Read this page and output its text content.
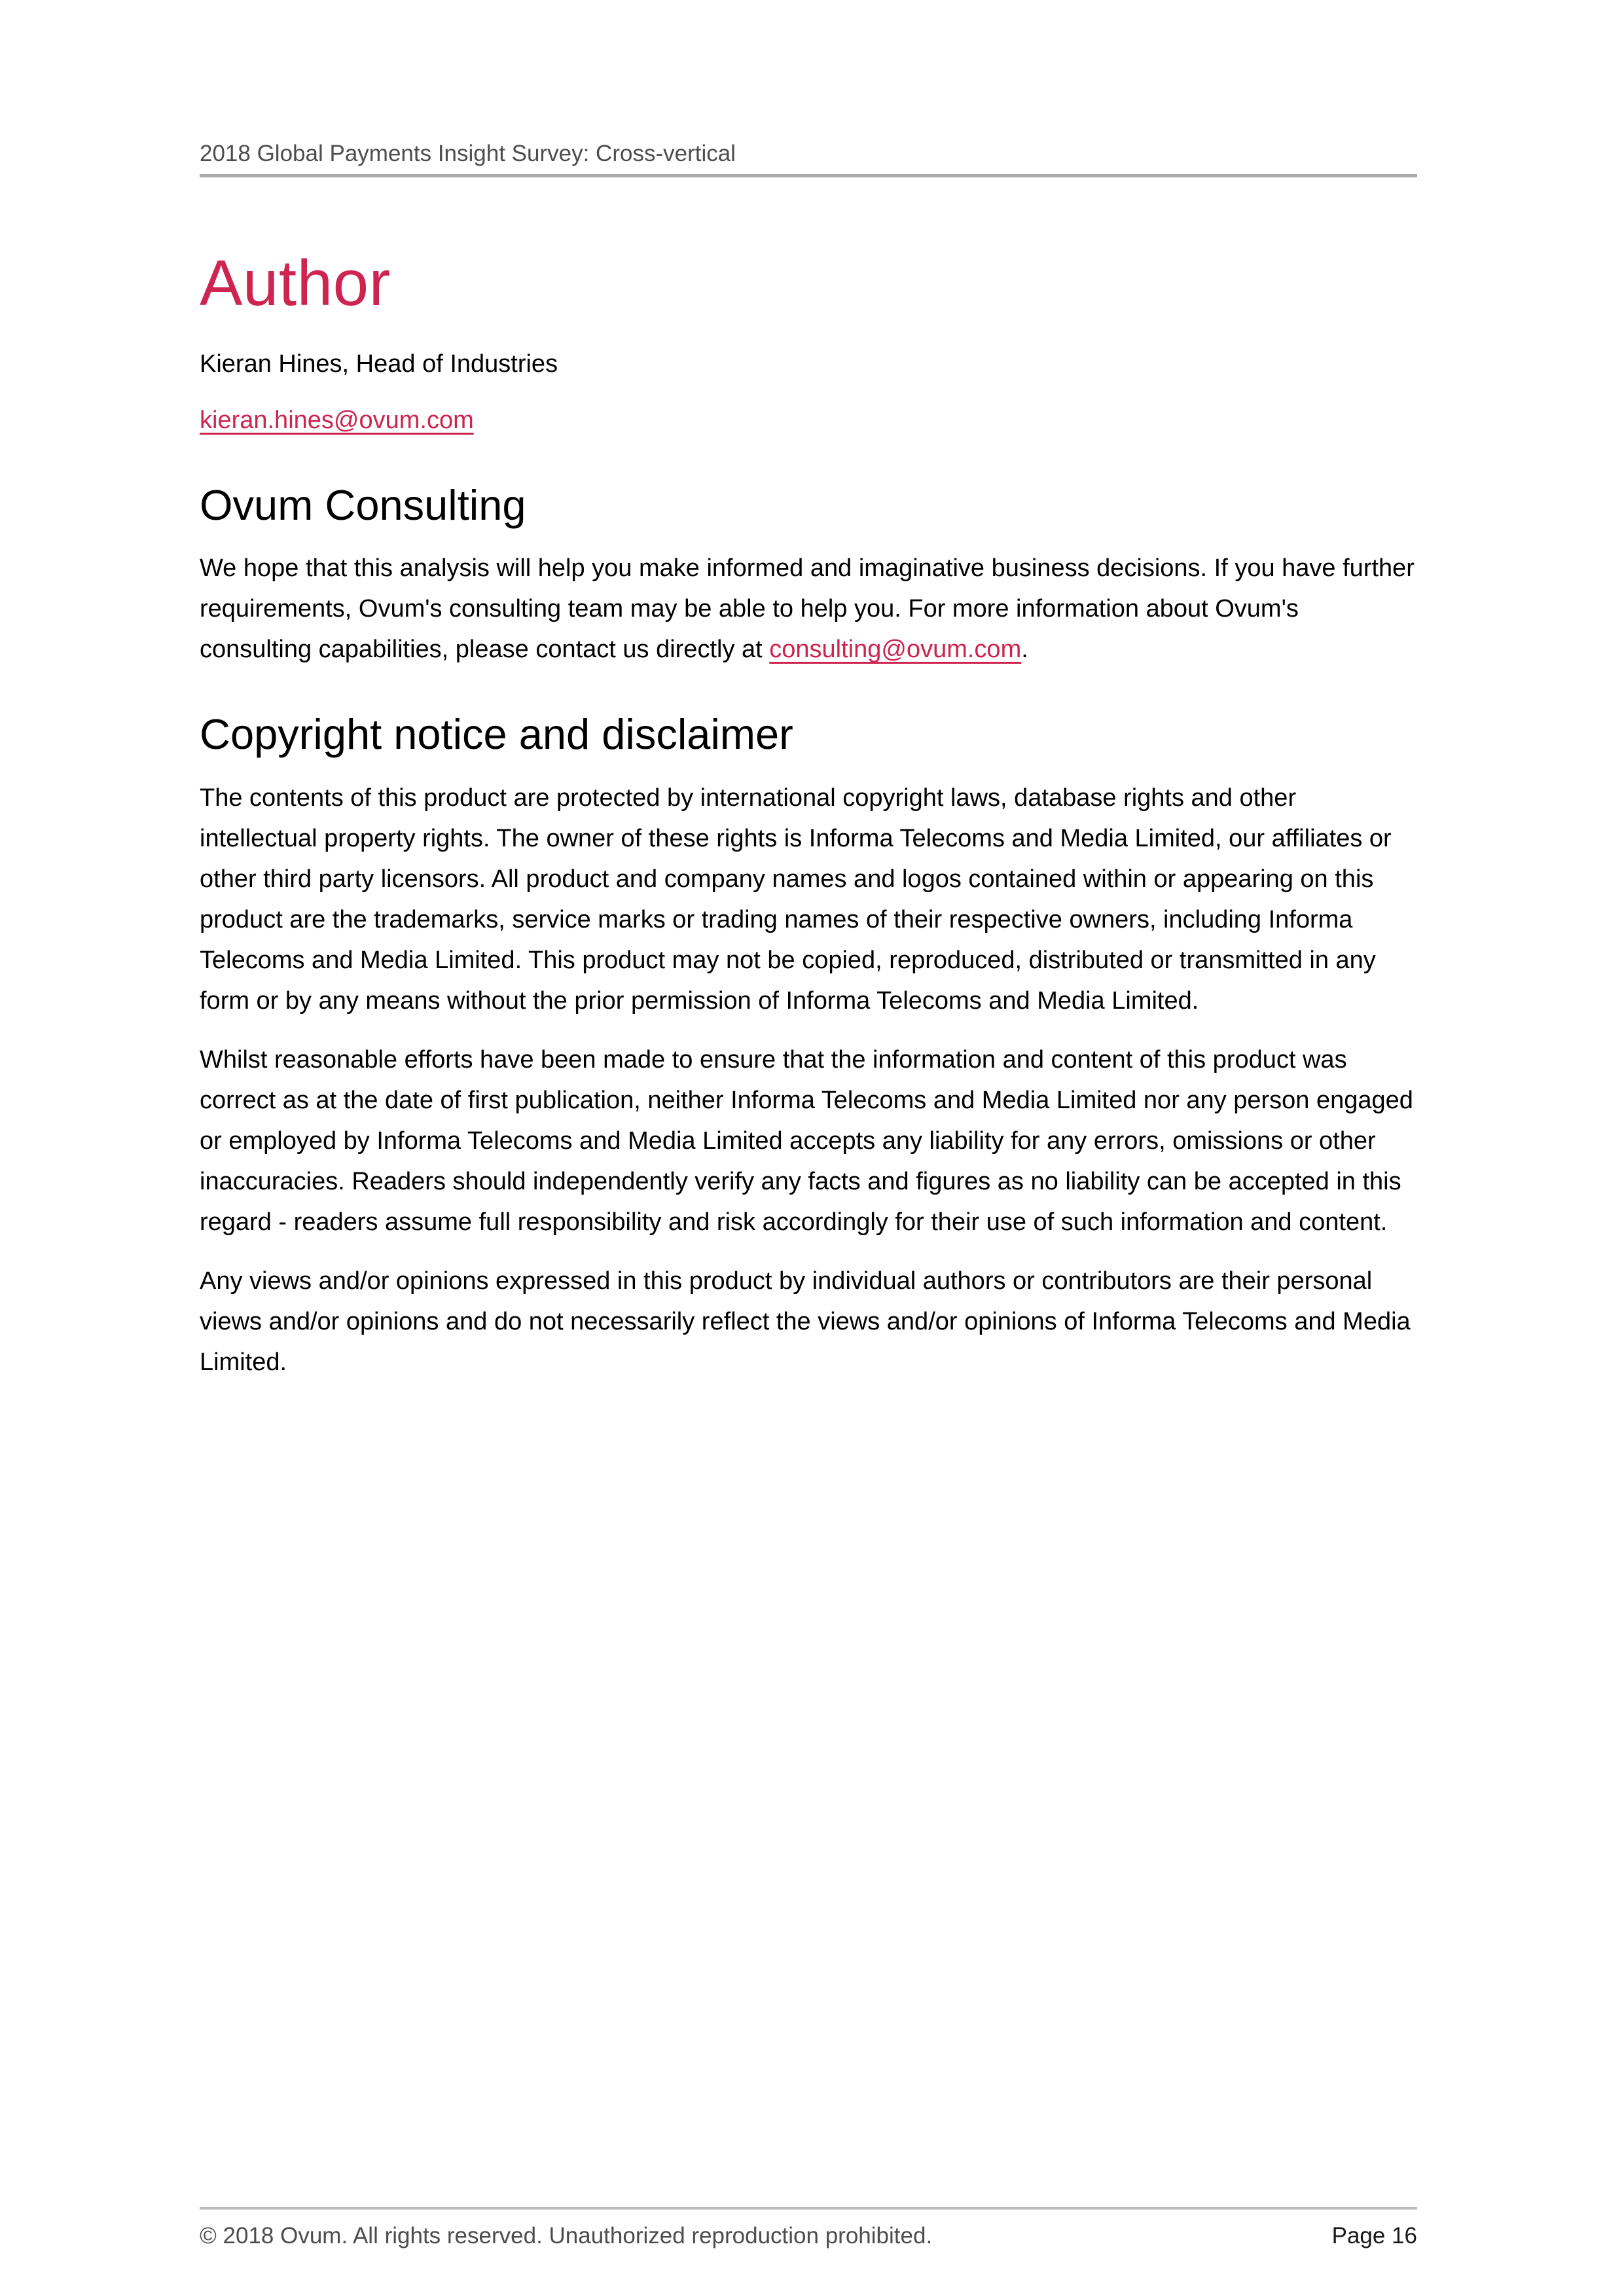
2018 Global Payments Insight Survey: Cross-vertical
Author

Kieran Hines, Head of Industries

kieran.hines@ovum.com

Ovum Consulting

We hope that this analysis will help you make informed and imaginative business decisions. If you have further requirements, Ovum's consulting team may be able to help you. For more information about Ovum's consulting capabilities, please contact us directly at consulting@ovum.com.

Copyright notice and disclaimer

The contents of this product are protected by international copyright laws, database rights and other intellectual property rights. The owner of these rights is Informa Telecoms and Media Limited, our affiliates or other third party licensors. All product and company names and logos contained within or appearing on this product are the trademarks, service marks or trading names of their respective owners, including Informa Telecoms and Media Limited. This product may not be copied, reproduced, distributed or transmitted in any form or by any means without the prior permission of Informa Telecoms and Media Limited.

Whilst reasonable efforts have been made to ensure that the information and content of this product was correct as at the date of first publication, neither Informa Telecoms and Media Limited nor any person engaged or employed by Informa Telecoms and Media Limited accepts any liability for any errors, omissions or other inaccuracies. Readers should independently verify any facts and figures as no liability can be accepted in this regard - readers assume full responsibility and risk accordingly for their use of such information and content.

Any views and/or opinions expressed in this product by individual authors or contributors are their personal views and/or opinions and do not necessarily reflect the views and/or opinions of Informa Telecoms and Media Limited.

© 2018 Ovum. All rights reserved. Unauthorized reproduction prohibited.	Page 16
